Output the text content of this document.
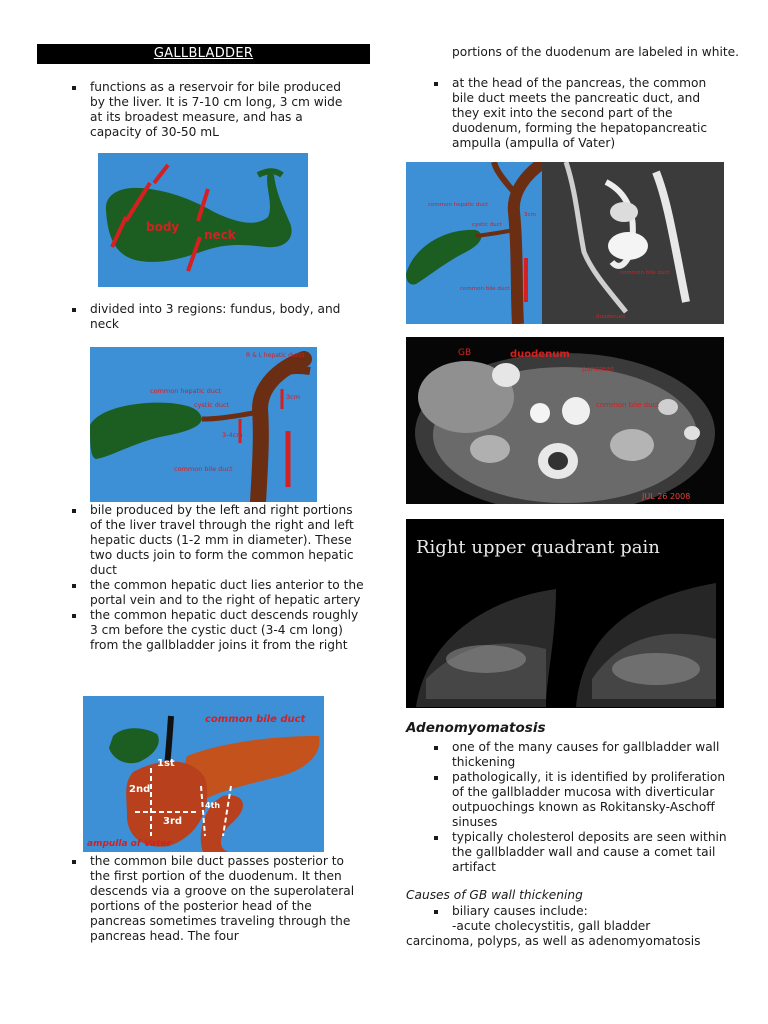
GALLBLADDER
functions as a reservoir for bile produced by the liver. It is 7-10 cm long, 3 cm wide at its broadest measure, and has a capacity of 30-50 mL
body
neck
divided into 3 regions: fundus, body, and neck
common hepatic duct
cystic duct
3cm
3-4cm
common bile duct
R & L hepatic ducts
bile produced by the left and right portions of the liver travel through the right and left hepatic ducts (1-2 mm in diameter). These two ducts join to form the common hepatic duct
the common hepatic duct lies anterior to the portal vein and to the right of hepatic artery
the common hepatic duct descends roughly 3 cm before the cystic duct (3-4 cm long) from the gallbladder joins it from the right
common bile duct
1st
2nd
3rd
4th
ampulla of Vater
the common bile duct passes posterior to the first portion of the duodenum. It then descends via a groove on the superolateral portions of the posterior head of the pancreas sometimes traveling through the pancreas head. The four
portions of the duodenum are labeled in white.
at the head of the pancreas, the common bile duct meets the pancreatic duct, and they exit into the second part of the duodenum, forming the hepatopancreatic ampulla (ampulla of Vater)
common hepatic duct
cystic duct
3cm
common bile duct
common bile duct
duodenum
GB	duodenum
pancreas
common bile duct
JUL 26 2008
Right upper quadrant pain
Adenomyomatosis
one of the many causes for gallbladder wall thickening
pathologically, it is identified by proliferation of the gallbladder mucosa with diverticular outpuochings known as Rokitansky-Aschoff sinuses
typically cholesterol deposits are seen within the gallbladder wall and cause a comet tail artifact
Causes of GB wall thickening
biliary causes include:
-acute cholecystitis, gall bladder
carcinoma, polyps, as well as adenomyomatosis
